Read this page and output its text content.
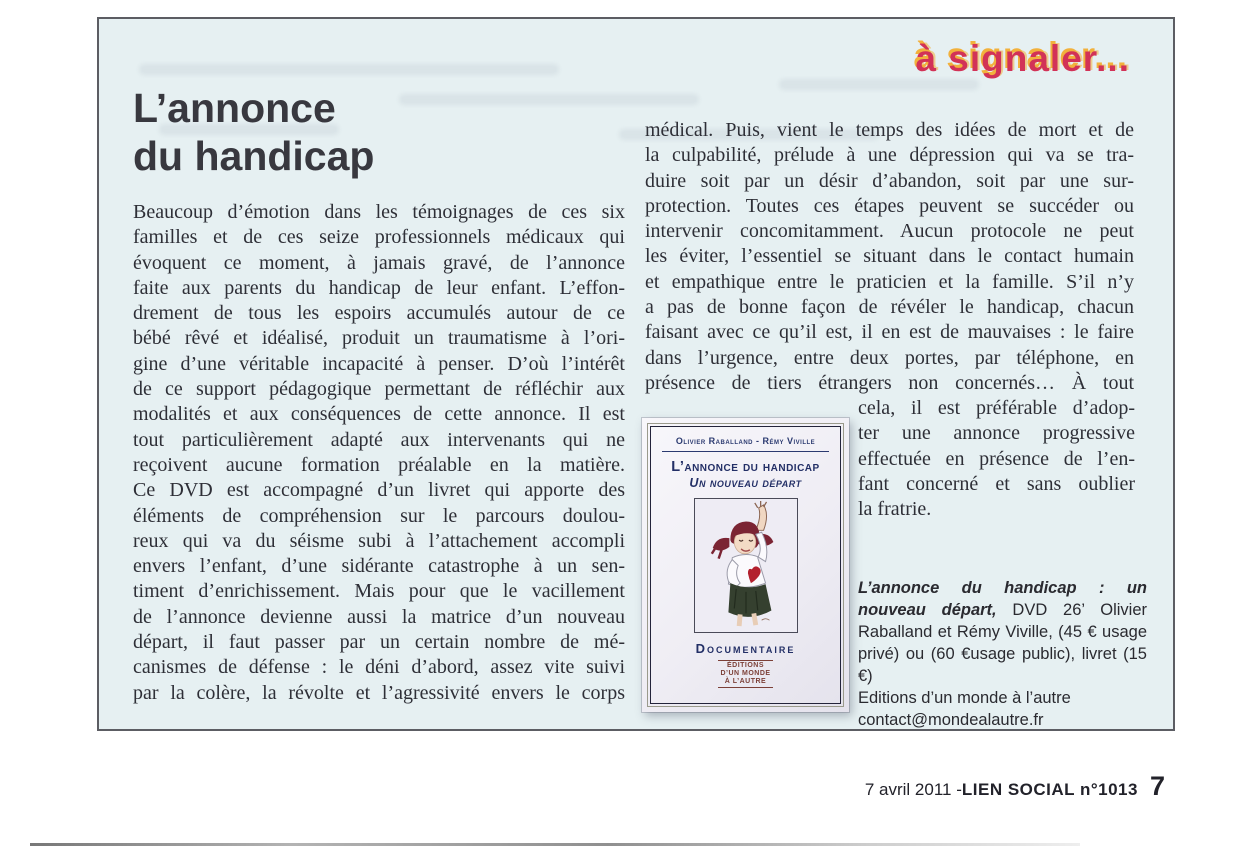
à signaler...
L’annonce
du handicap
Beaucoup d’émotion dans les témoignages de ces six
familles et de ces seize professionnels médicaux qui
évoquent ce moment, à jamais gravé, de l’annonce
faite aux parents du handicap de leur enfant. L’effon-
drement de tous les espoirs accumulés autour de ce
bébé rêvé et idéalisé, produit un traumatisme à l’ori-
gine d’une véritable incapacité à penser. D’où l’intérêt
de ce support pédagogique permettant de réfléchir aux
modalités et aux conséquences de cette annonce. Il est
tout particulièrement adapté aux intervenants qui ne
reçoivent aucune formation préalable en la matière.
Ce DVD est accompagné d’un livret qui apporte des
éléments de compréhension sur le parcours doulou-
reux qui va du séisme subi à l’attachement accompli
envers l’enfant, d’une sidérante catastrophe à un sen-
timent d’enrichissement. Mais pour que le vacillement
de l’annonce devienne aussi la matrice d’un nouveau
départ, il faut passer par un certain nombre de mé-
canismes de défense : le déni d’abord, assez vite suivi
par la colère, la révolte et l’agressivité envers le corps
médical. Puis, vient le temps des idées de mort et de
la culpabilité, prélude à une dépression qui va se tra-
duire soit par un désir d’abandon, soit par une sur-
protection. Toutes ces étapes peuvent se succéder ou
intervenir concomitamment. Aucun protocole ne peut
les éviter, l’essentiel se situant dans le contact humain
et empathique entre le praticien et la famille. S’il n’y
a pas de bonne façon de révéler le handicap, chacun
faisant avec ce qu’il est, il en est de mauvaises : le faire
dans l’urgence, entre deux portes, par téléphone, en
présence de tiers étrangers non concernés… À tout
cela, il est préférable d’adop-
ter une annonce progressive
effectuée en présence de l’en-
fant concerné et sans oublier
la fratrie.
Olivier Raballand - Rémy Viville
L’annonce du handicap
Un nouveau départ
Documentaire
ÉDITIONS
D’UN MONDE
À L’AUTRE

L’annonce du handicap : un nouveau départ, DVD 26’ Olivier Raballand et Rémy Viville, (45 € usage privé) ou (60 €usage public), livret (15 €)

Editions d’un monde à l’autre

contact@mondealautre.fr

7 avril 2011 - LIEN SOCIAL n°1013 7
